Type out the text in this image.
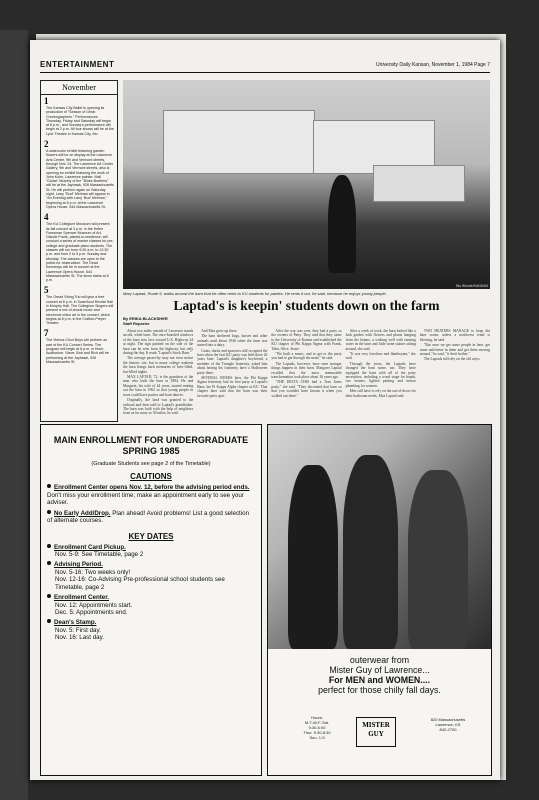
ENTERTAINMENT	University Daily Kansan, November 1, 1984 Page 7
November
1

The Kansas City Ballet is opening its production of "Season of Great Choreographers." Performances Thursday, Friday and Saturday will begin at 8 p.m., and Sunday's performance will begin at 2 p.m. All four shows will be at the Lyric Theatre in Kansas City, Mo.

2

A watercolor exhibit featuring garden flowers will be on display at the Lawrence Arts Center, 9th and Vermont streets, through Nov. 24. The Lawrence Art Center Gallery, 9th and Vermont streets, also is opening an exhibit featuring the work of John Kuhn, Lawrence painter. Mall "Guitar" Murphy of the "Blues Brothers" will be at the Jayhawk, 926 Massachusetts St. He will perform again on Saturday night. Larry "Bud" Melman will appear in "An Evening with Larry 'Bud' Melman," beginning at 8 p.m. at the Lawrence Opera House, 644 Massachusetts St.

4

The KU Collegium Musicum will present its fall concert at 3 p.m. in the Helen Foresman Spencer Museum of Art. Claude Frank, pianist-in-residence, will conduct a series of master classes for pre-college and graduate piano students. The classes will run from 9:30 a.m. to 12:30 p.m. and from 2 to 5 p.m. Sunday and Monday. The classes are open to the public for observation. The Dead Kennedys will be in concert at the Lawrence Opera House, 644 Massachusetts St. The show starts at 8 p.m.

5

The Oread String Trio will give a free concert at 8 p.m. in Swarthout Recital Hall in Murphy Hall. The Collegium Singers will present a mix of choral music and electronic video art in the concert, which begins at 8 p.m. in the Crafton-Preyer Theatre.

7

The Vienna Choir Boys will perform as part of the KU Concert Series. The program will begin at 8 p.m. in Hoch Auditorium. Steve, Bob and Rich will be performing at the Jayhawk, 926 Massachusetts St.

Stu Winnie/KANSAN
Mary Laptad, Route 5, walks around the barn that he often rents to KU students for parties. He rents it out, he said, because he enjoys young people.
Laptad's is keepin' students down on the farm
By ERIKA BLACKSHER
Staff Reporter

About two miles outside of Lawrence stands an old, white barn. The once-boarded windows of the barn now face toward U.S. Highway 24 at night. The sign painted on the side of the barn can be seen from the highway, but only during the day. It reads "Laptad's Stock Barn."

The average passer-by may not even notice the historic site, but to many college students the barn brings back memories of beer-filled, fun-filled nights.

MAX LAPTAD, 72, is the grandson of the man who built the barn in 1884. He and Margaret, his wife of 44 years, started renting out the barn in 1962 so that young people in town could have parties and barn dances.

Originally, the land was granted to the railroad and then sold to Laptad's grandfather. The barn was built with the help of neighbors from as far away as 30 miles, he said.

And Max grew up there.

The barn sheltered hogs, horses and other animals until about 1946 when the farm was turned into a dairy.

Goats, ducks and sparrows still occupied the barn when the first KU party was held there 26 years later. Laptad's daughter's boyfriend, a member of the Triangle fraternity, asked him about having his fraternity have a Halloween party there.

SEVERAL WEEKS later, the Phi Kappa Sigma fraternity had its first party at Laptad's Barn, the Pi Kappa Alpha chapter at KU. That chapter later said that the barn was their favorite party spot.

After the war was over, they had a party so the owners of Patty. They said that they came to the University of Kansas and established the KU chapter of Phi Kappa Sigma with Frank, Tabu, Alice, Jessie.

"We built a music, and to get to the party you had to get through the main," he said.

The Laptads, however, have seen stranger things happen in their barn. Margaret Laptad recalled that the most memorable transformation took place about 16 years ago.

"THE DELTA CHIS had a Tom Jones party," she said. "They decorated that barn so that you wouldn't have known it when you walked out there."

After a week of work, the barn looked like a lush garden with flowers and plants hanging from the beams, a wishing well with running water in the barn and little stone statues sitting around, she said.

"It was very frivolous and flamboyant," she said.

Through the years, the Laptads have changed the barn some, too. They have equipped the barn with all of the party necessities, including a wood stage for bands, two heaters, lighted parking and indoor plumbing for women.

Men still have to rely on the out-of-doors for their bathroom needs, Max Laptad said.

TWO HEATERS MANAGE to keep the barn warm, unless a northwest wind is blowing, he said.

"But once we get some people in here, get some antifreeze in them and get them moving around," he said, "it don't bother."

The Laptads still rely on the old ways.

MAIN ENROLLMENT FOR UNDERGRADUATE
SPRING 1985
(Graduate Students see page 2 of the Timetable)
CAUTIONS
Enrollment Center opens Nov. 12, before the advising period ends. Don't miss your enrollment time; make an appointment early to see your adviser.
No Early Add/Drop. Plan ahead! Avoid problems! List a good selection of alternate courses.
KEY DATES
Enrollment Card Pickup.
Nov. 5-9: See Timetable, page 2
Advising Period.
Nov. 5-16: Two weeks only!
Nov. 12-16: Co-Advising Pre-professional school students see Timetable, page 2
Enrollment Center.
Nov. 12: Appointments start.
Dec. 5: Appointments end.
Dean's Stamp.
Nov. 5: First day.
Nov. 16: Last day.
outerwear from
Mister Guy of Lawrence...
For MEN and WOMEN....
perfect for those chilly fall days.
Hours:
M-T-W-F-Sat.
9:30-6:00
Thur. 9:30-8:30
Sun. 1-5
MISTER
GUY
820 Massachusetts
Lawrence, KS
842-2700
